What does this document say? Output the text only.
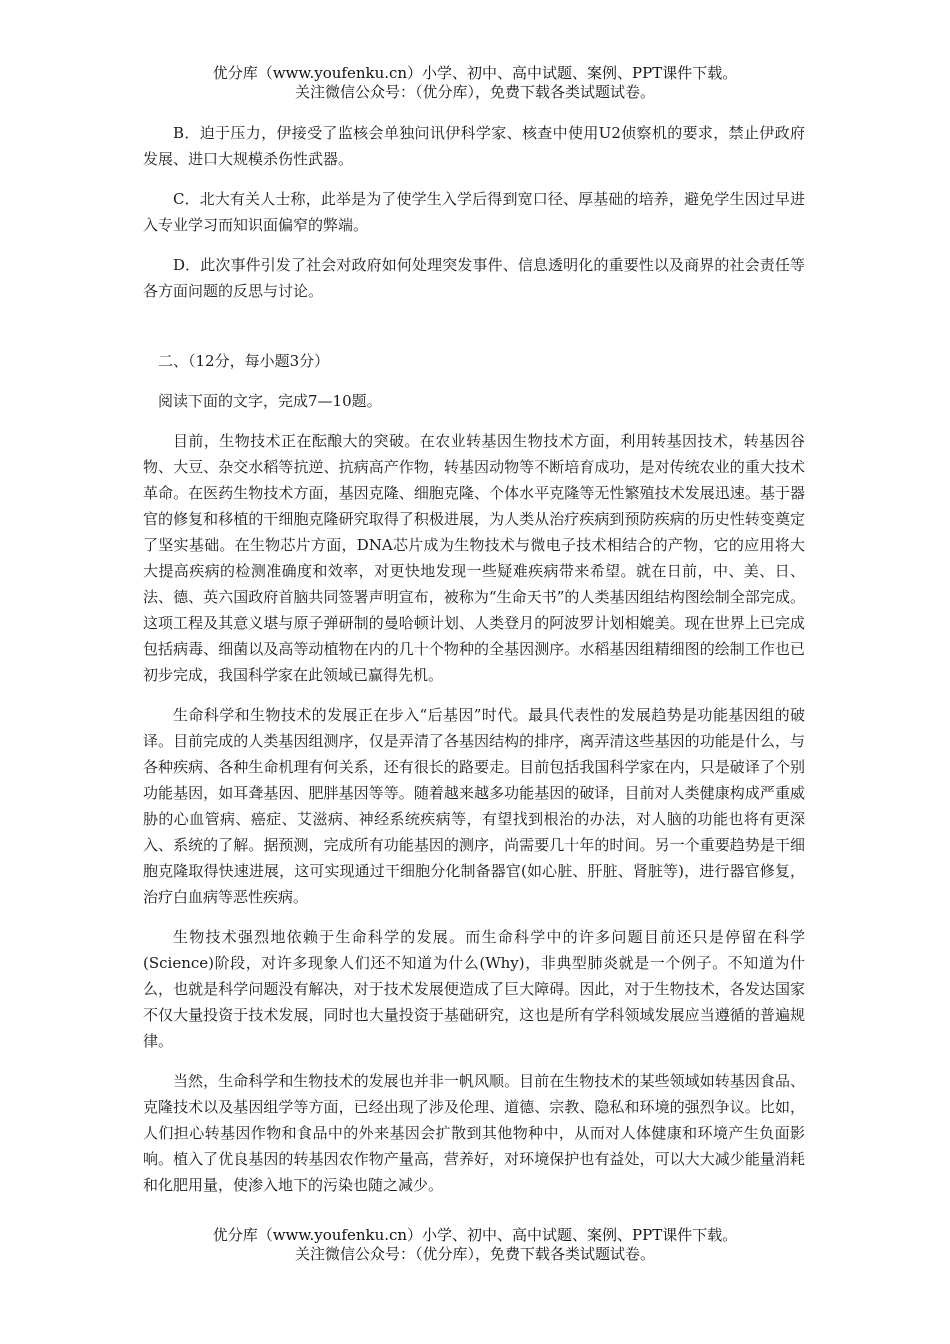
优分库（www.youfenku.cn）小学、初中、高中试题、案例、PPT课件下载。
关注微信公众号：（优分库），免费下载各类试题试卷。

B．迫于压力，伊接受了监核会单独问讯伊科学家、核查中使用U2侦察机的要求，禁止伊政府发展、进口大规模杀伤性武器。

C．北大有关人士称，此举是为了使学生入学后得到宽口径、厚基础的培养，避免学生因过早进入专业学习而知识面偏窄的弊端。

D．此次事件引发了社会对政府如何处理突发事件、信息透明化的重要性以及商界的社会责任等各方面问题的反思与讨论。

二、（12分，每小题3分）
阅读下面的文字，完成7—10题。

目前，生物技术正在酝酿大的突破。在农业转基因生物技术方面，利用转基因技术，转基因谷物、大豆、杂交水稻等抗逆、抗病高产作物，转基因动物等不断培育成功，是对传统农业的重大技术革命。在医药生物技术方面，基因克隆、细胞克隆、个体水平克隆等无性繁殖技术发展迅速。基于器官的修复和移植的干细胞克隆研究取得了积极进展，为人类从治疗疾病到预防疾病的历史性转变奠定了坚实基础。在生物芯片方面，DNA芯片成为生物技术与微电子技术相结合的产物，它的应用将大大提高疾病的检测准确度和效率，对更快地发现一些疑难疾病带来希望。就在日前，中、美、日、法、德、英六国政府首脑共同签署声明宣布，被称为“生命天书”的人类基因组结构图绘制全部完成。这项工程及其意义堪与原子弹研制的曼哈顿计划、人类登月的阿波罗计划相媲美。现在世界上已完成包括病毒、细菌以及高等动植物在内的几十个物种的全基因测序。水稻基因组精细图的绘制工作也已初步完成，我国科学家在此领域已赢得先机。

生命科学和生物技术的发展正在步入“后基因”时代。最具代表性的发展趋势是功能基因组的破译。目前完成的人类基因组测序，仅是弄清了各基因结构的排序，离弄清这些基因的功能是什么，与各种疾病、各种生命机理有何关系，还有很长的路要走。目前包括我国科学家在内，只是破译了个别功能基因，如耳聋基因、肥胖基因等等。随着越来越多功能基因的破译，目前对人类健康构成严重威胁的心血管病、癌症、艾滋病、神经系统疾病等，有望找到根治的办法，对人脑的功能也将有更深入、系统的了解。据预测，完成所有功能基因的测序，尚需要几十年的时间。另一个重要趋势是干细胞克隆取得快速进展，这可实现通过干细胞分化制备器官(如心脏、肝脏、肾脏等)，进行器官修复，治疗白血病等恶性疾病。

生物技术强烈地依赖于生命科学的发展。而生命科学中的许多问题目前还只是停留在科学(Science)阶段，对许多现象人们还不知道为什么(Why)，非典型肺炎就是一个例子。不知道为什么，也就是科学问题没有解决，对于技术发展便造成了巨大障碍。因此，对于生物技术，各发达国家不仅大量投资于技术发展，同时也大量投资于基础研究，这也是所有学科领域发展应当遵循的普遍规律。

当然，生命科学和生物技术的发展也并非一帆风顺。目前在生物技术的某些领域如转基因食品、克隆技术以及基因组学等方面，已经出现了涉及伦理、道德、宗教、隐私和环境的强烈争议。比如，人们担心转基因作物和食品中的外来基因会扩散到其他物种中，从而对人体健康和环境产生负面影响。植入了优良基因的转基因农作物产量高，营养好，对环境保护也有益处，可以大大减少能量消耗和化肥用量，使渗入地下的污染也随之减少。

优分库（www.youfenku.cn）小学、初中、高中试题、案例、PPT课件下载。
关注微信公众号：（优分库），免费下载各类试题试卷。
